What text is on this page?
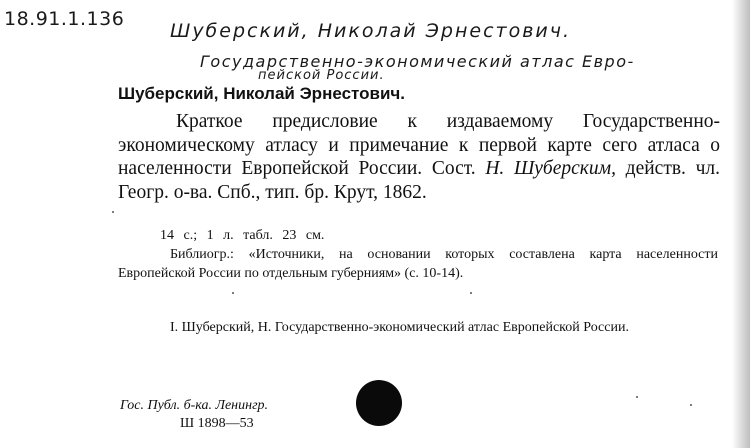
18.91.1.136
Шуберский, Николай Эрнестович.
Государственно-экономический атлас Евро-
пейской России.
Шуберский, Николай Эрнестович.
Краткое предисловие к издаваемому Государственно-экономическому атласу и примечание к первой карте сего атласа о населенности Европейской России. Сост. Н. Шуберским, действ. чл. Геогр. о-ва. Спб., тип. бр. Крут, 1862.
14 с.; 1 л. табл. 23 см.
Библиогр.: «Источники, на основании которых составлена карта населенности Европейской России по отдельным губерниям» (с. 10-14).
I. Шуберский, Н. Государственно-экономический атлас Европейской России.
Гос. Публ. б-ка. Ленингр.
Ш 1898—53
